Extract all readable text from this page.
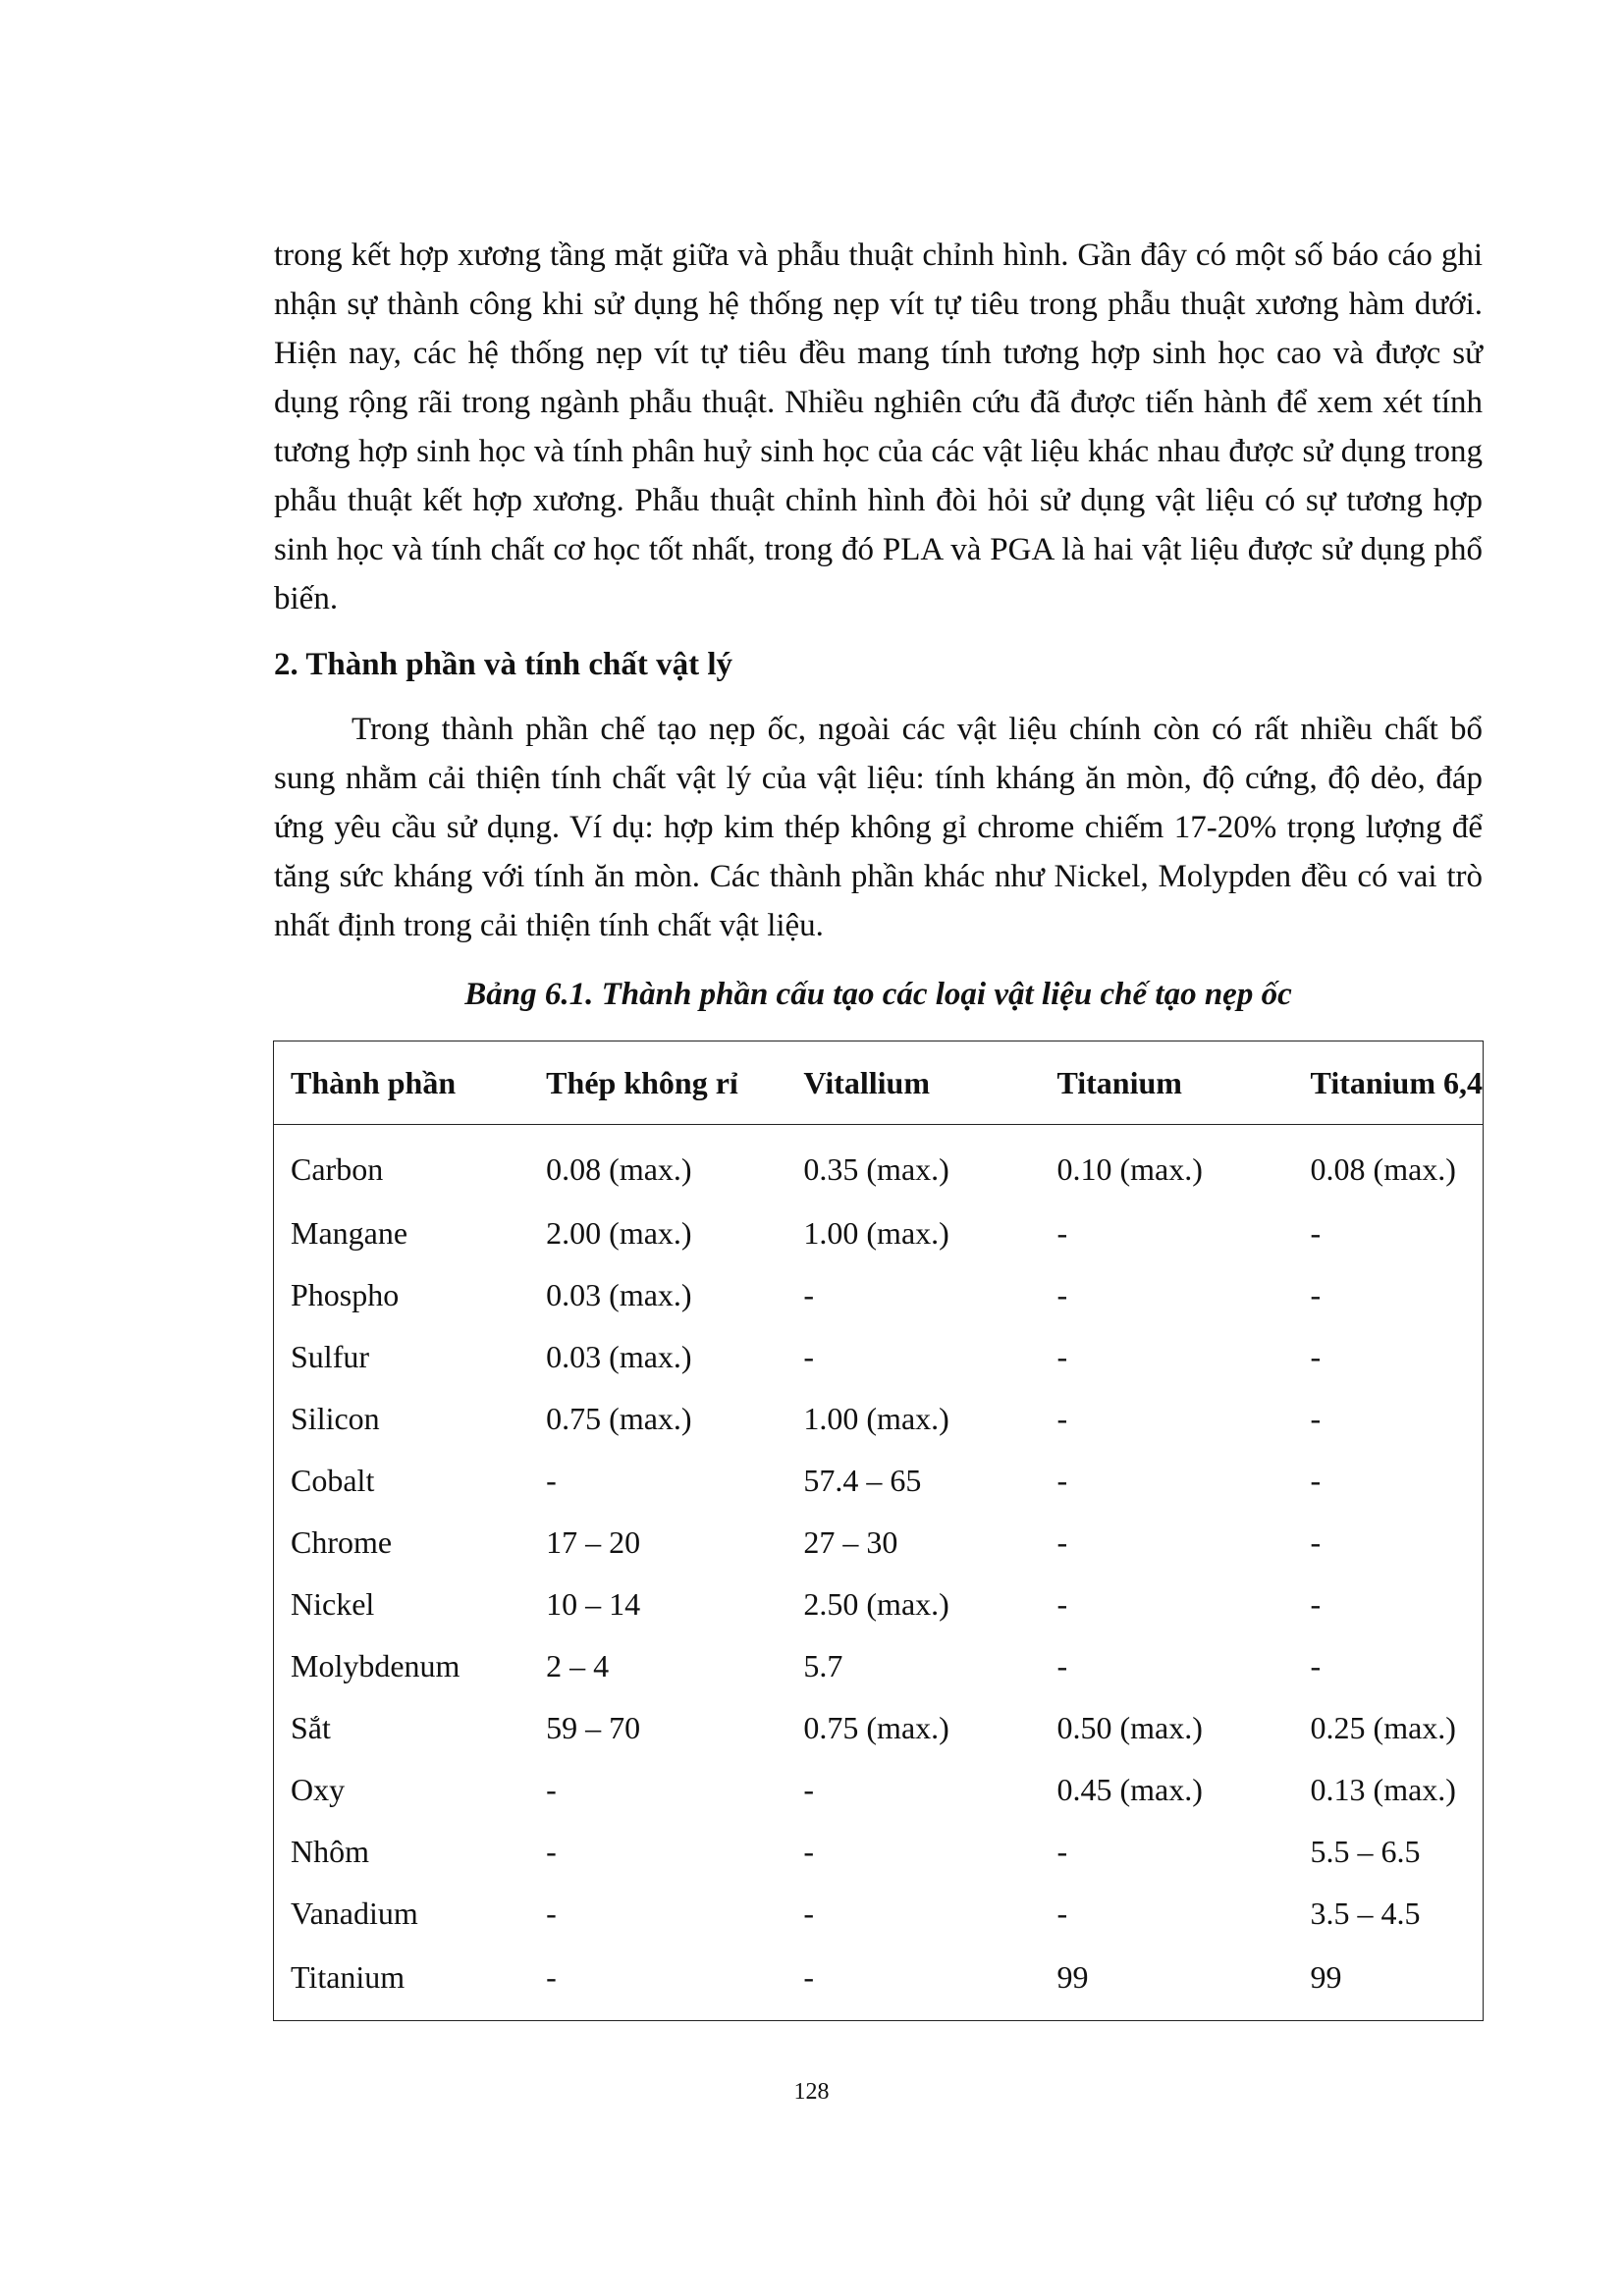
trong kết hợp xương tầng mặt giữa và phẫu thuật chỉnh hình. Gần đây có một số báo cáo ghi nhận sự thành công khi sử dụng hệ thống nẹp vít tự tiêu trong phẫu thuật xương hàm dưới. Hiện nay, các hệ thống nẹp vít tự tiêu đều mang tính tương hợp sinh học cao và được sử dụng rộng rãi trong ngành phẫu thuật. Nhiều nghiên cứu đã được tiến hành để xem xét tính tương hợp sinh học và tính phân huỷ sinh học của các vật liệu khác nhau được sử dụng trong phẫu thuật kết hợp xương. Phẫu thuật chỉnh hình đòi hỏi sử dụng vật liệu có sự tương hợp sinh học và tính chất cơ học tốt nhất, trong đó PLA và PGA là hai vật liệu được sử dụng phổ biến.

2. Thành phần và tính chất vật lý

Trong thành phần chế tạo nẹp ốc, ngoài các vật liệu chính còn có rất nhiều chất bổ sung nhằm cải thiện tính chất vật lý của vật liệu: tính kháng ăn mòn, độ cứng, độ dẻo, đáp ứng yêu cầu sử dụng. Ví dụ: hợp kim thép không gỉ chrome chiếm 17-20% trọng lượng để tăng sức kháng với tính ăn mòn. Các thành phần khác như Nickel, Molypden đều có vai trò nhất định trong cải thiện tính chất vật liệu.

Bảng 6.1. Thành phần cấu tạo các loại vật liệu chế tạo nẹp ốc

Thành phần	Thép không rỉ	Vitallium	Titanium	Titanium 6,4
Carbon	0.08 (max.)	0.35 (max.)	0.10 (max.)	0.08 (max.)
Mangane	2.00 (max.)	1.00 (max.)	-	-
Phospho	0.03 (max.)	-	-	-
Sulfur	0.03 (max.)	-	-	-
Silicon	0.75 (max.)	1.00 (max.)	-	-
Cobalt	-	57.4 – 65	-	-
Chrome	17 – 20	27 – 30	-	-
Nickel	10 – 14	2.50 (max.)	-	-
Molybdenum	2 – 4	5.7	-	-
Sắt	59 – 70	0.75 (max.)	0.50 (max.)	0.25 (max.)
Oxy	-	-	0.45 (max.)	0.13 (max.)
Nhôm	-	-	-	5.5 – 6.5
Vanadium	-	-	-	3.5 – 4.5
Titanium	-	-	99	99
128
